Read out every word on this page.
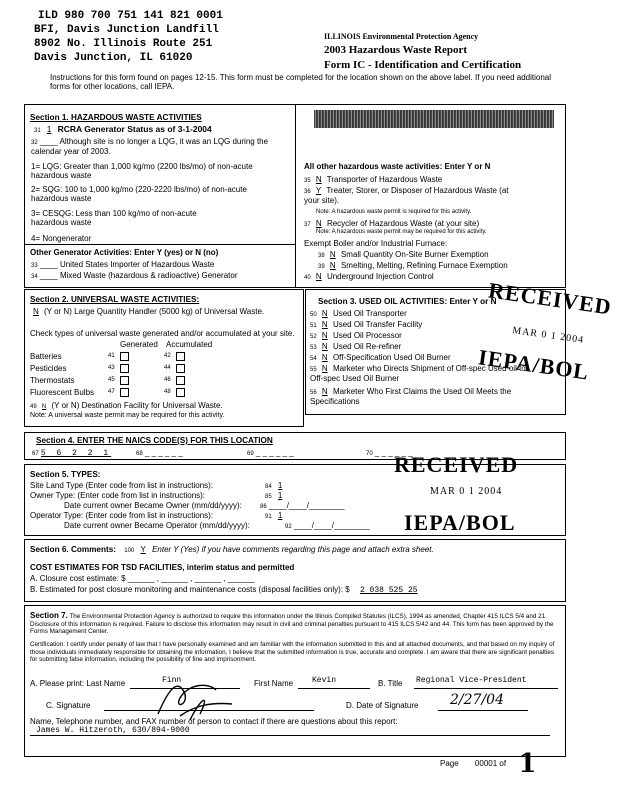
ILD 980 700 751 141 821 0001
BFI, Davis Junction Landfill
8902 No. Illinois Route 251
Davis Junction, IL 61020
ILLINOIS Environmental Protection Agency
2003 Hazardous Waste Report
Form IC - Identification and Certification
Instructions for this form found on pages 12-15. This form must be completed for the location shown on the above label. If you need additional forms for other locations, call IEPA.
Section 1. HAZARDOUS WASTE ACTIVITIES
31 1 RCRA Generator Status as of 3-1-2004
32 ____ Although site is no longer a LQG, it was an LQG during the calendar year of 2003.
1= LQG: Greater than 1,000 kg/mo (2200 lbs/mo) of non-acute hazardous waste
2= SQG: 100 to 1,000 kg/mo (220-2220 lbs/mo) of non-acute hazardous waste
3= CESQG: Less than 100 kg/mo of non-acute hazardous waste
4= Nongenerator
Other Generator Activities: Enter Y (yes) or N (no)
33 ____ United States Importer of Hazardous Waste
34 ____ Mixed Waste (hazardous & radioactive) Generator
All other hazardous waste activities: Enter Y or N
35 N Transporter of Hazardous Waste
36 Y Treater, Storer, or Disposer of Hazardous Waste (at your site).
Note: A hazardous waste permit is required for this activity.
37 N Recycler of Hazardous Waste (at your site)
Note: A hazardous waste permit may be required for this activity.
Exempt Boiler and/or Industrial Furnace:
38 N Small Quantity On-Site Burner Exemption
39 N Smelting, Melting, Refining Furnace Exemption
40 N Underground Injection Control
Section 2. UNIVERSAL WASTE ACTIVITIES:
N (Y or N) Large Quantity Handler (5000 kg) of Universal Waste.
Check types of universal waste generated and/or accumulated at your site.
Generated Accumulated
Batteries	41	42
Pesticides	43	44
Thermostats	45	46
Fluorescent Bulbs 47	48
49 N (Y or N) Destination Facility for Universal Waste.
Note: A universal waste permit may be required for this activity.
Section 3. USED OIL ACTIVITIES: Enter Y or N
50 N Used Oil Transporter
51 N Used Oil Transfer Facility
52 N Used Oil Processor
53 N Used Oil Re-refiner
54 N Off-Specification Used Oil Burner
55 N Marketer who Directs Shipment of Off-spec Used oil to Off-spec Used Oil Burner
56 N Marketer Who First Claims the Used Oil Meets the Specifications
Section 4. ENTER THE NAICS CODE(S) FOR THIS LOCATION
67 5 6 2 2 1	68 _ _ _ _ _ _	69 _ _ _ _ _ _	70 _ _ _ _ _ _
Section 5. TYPES:
Site Land Type (Enter code from list in instructions):	84 1
Owner Type: (Enter code from list in instructions):	85 1
Date current owner Became Owner (mm/dd/yyyy):	86 ____/____/________
Operator Type: (Enter code from list in instructions):	91 1
Date current owner Became Operator (mm/dd/yyyy):	92 ____/____/________
Section 6. Comments: 100 Y Enter Y (Yes) if you have comments regarding this page and attach extra sheet.
COST ESTIMATES FOR TSD FACILITIES, interim status and permitted
A. Closure cost estimate: $ ______ , ______ , ______ , ______
B. Estimated for post closure monitoring and maintenance costs (disposal facilities only): $ 2 038 525 25
Section 7. The Environmental Protection Agency is authorized to require this information under the Illinois Compiled Statutes (ILCS), 1994 as amended, Chapter 415 ILCS 5/4 and 21. Disclosure of this information is required. Failure to disclose this information may result in civil and criminal penalties pursuant to 415 ILCS 5/42 and 44. This form has been approved by the Forms Management Center.
Certification: I certify under penalty of law that I have personally examined and am familiar with the information submitted in this and all attached documents, and that based on my inquiry of those individuals immediately responsible for obtaining the information, I believe that the submitted information is true, accurate and complete. I am aware that there are significant penalties for submitting false information, including the possibility of fine and imprisonment.
A. Please print: Last Name	Finn	First Name Kevin	B. Title Regional Vice-President
C. Signature	D. Date of Signature 2/27/04
Name, Telephone number, and FAX number of person to contact if there are questions about this report:
James W. Hitzeroth, 630/894-9000
Page 00001 of 1
RECEIVED
MAR 0 1 2004
IEPA/BOL
RECEIVED
MAR 0 1 2004
IEPA/BOL
